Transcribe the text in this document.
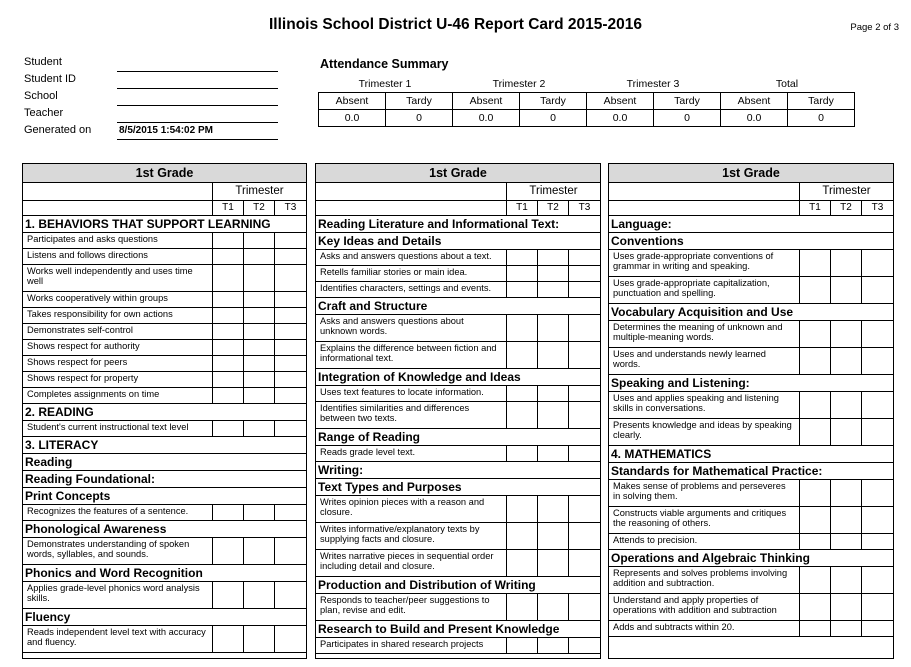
Illinois School District U-46 Report Card 2015-2016	Page 2 of 3
Student
Student ID
School
Teacher
Generated on	8/5/2015 1:54:02 PM
Attendance Summary
Trimester 1	Trimester 2	Trimester 3	Total
Absent	Tardy	Absent	Tardy	Absent	Tardy	Absent	Tardy
0.0	0	0.0	0	0.0	0	0.0	0
1st Grade
Trimester
T1	T2	T3
1. BEHAVIORS THAT SUPPORT LEARNING
Participates and asks questions
Listens and follows directions
Works well independently and uses time well
Works cooperatively within groups
Takes responsibility for own actions
Demonstrates self-control
Shows respect for authority
Shows respect for peers
Shows respect for property
Completes assignments on time
2. READING
Student's current instructional text level
3. LITERACY
Reading
Reading Foundational:
Print Concepts
Recognizes the features of a sentence.
Phonological Awareness
Demonstrates understanding of spoken words, syllables, and sounds.
Phonics and Word Recognition
Applies grade-level phonics word analysis skills.
Fluency
Reads independent level text with accuracy and fluency.
1st Grade
Trimester
T1	T2	T3
Reading Literature and Informational Text:
Key Ideas and Details
Asks and answers questions about a text.
Retells familiar stories or main idea.
Identifies characters, settings and events.
Craft and Structure
Asks and answers questions about unknown words.
Explains the difference between fiction and informational text.
Integration of Knowledge and Ideas
Uses text features to locate information.
Identifies similarities and differences between two texts.
Range of Reading
Reads grade level text.
Writing:
Text Types and Purposes
Writes opinion pieces with a reason and closure.
Writes informative/explanatory texts by supplying facts and closure.
Writes narrative pieces in sequential order including detail and closure.
Production and Distribution of Writing
Responds to teacher/peer suggestions to plan, revise and edit.
Research to Build and Present Knowledge
Participates in shared research projects
1st Grade
Trimester
T1	T2	T3
Language:
Conventions
Uses grade-appropriate conventions of grammar in writing and speaking.
Uses grade-appropriate capitalization, punctuation and spelling.
Vocabulary Acquisition and Use
Determines the meaning of unknown and multiple-meaning words.
Uses and understands newly learned words.
Speaking and Listening:
Uses and applies speaking and listening skills in conversations.
Presents knowledge and ideas by speaking clearly.
4. MATHEMATICS
Standards for Mathematical Practice:
Makes sense of problems and perseveres in solving them.
Constructs viable arguments and critiques the reasoning of others.
Attends to precision.
Operations and Algebraic Thinking
Represents and solves problems involving addition and subtraction.
Understand and apply properties of operations with addition and subtraction
Adds and subtracts within 20.
